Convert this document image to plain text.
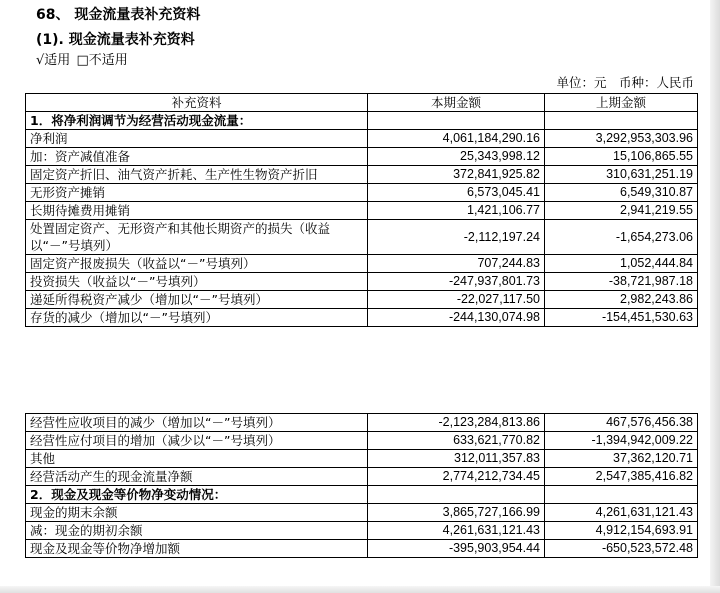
68、 现金流量表补充资料
(1). 现金流量表补充资料
√适用 □不适用
单位：元　币种：人民币
补充资料	本期金额	上期金额
1．将净利润调节为经营活动现金流量：		
净利润	4,061,184,290.16	3,292,953,303.96
加：资产减值准备	25,343,998.12	15,106,865.55
固定资产折旧、油气资产折耗、生产性生物资产折旧	372,841,925.82	310,631,251.19
无形资产摊销	6,573,045.41	6,549,310.87
长期待摊费用摊销	1,421,106.77	2,941,219.55
处置固定资产、无形资产和其他长期资产的损失（收益以“－”号填列）	-2,112,197.24	-1,654,273.06
固定资产报废损失（收益以“－”号填列）	707,244.83	1,052,444.84
投资损失（收益以“－”号填列）	-247,937,801.73	-38,721,987.18
递延所得税资产减少（增加以“－”号填列）	-22,027,117.50	2,982,243.86
存货的减少（增加以“－”号填列）	-244,130,074.98	-154,451,530.63
经营性应收项目的减少（增加以“－”号填列）	-2,123,284,813.86	467,576,456.38
经营性应付项目的增加（减少以“－”号填列）	633,621,770.82	-1,394,942,009.22
其他	312,011,357.83	37,362,120.71
经营活动产生的现金流量净额	2,774,212,734.45	2,547,385,416.82
2．现金及现金等价物净变动情况：		
现金的期末余额	3,865,727,166.99	4,261,631,121.43
减：现金的期初余额	4,261,631,121.43	4,912,154,693.91
现金及现金等价物净增加额	-395,903,954.44	-650,523,572.48
